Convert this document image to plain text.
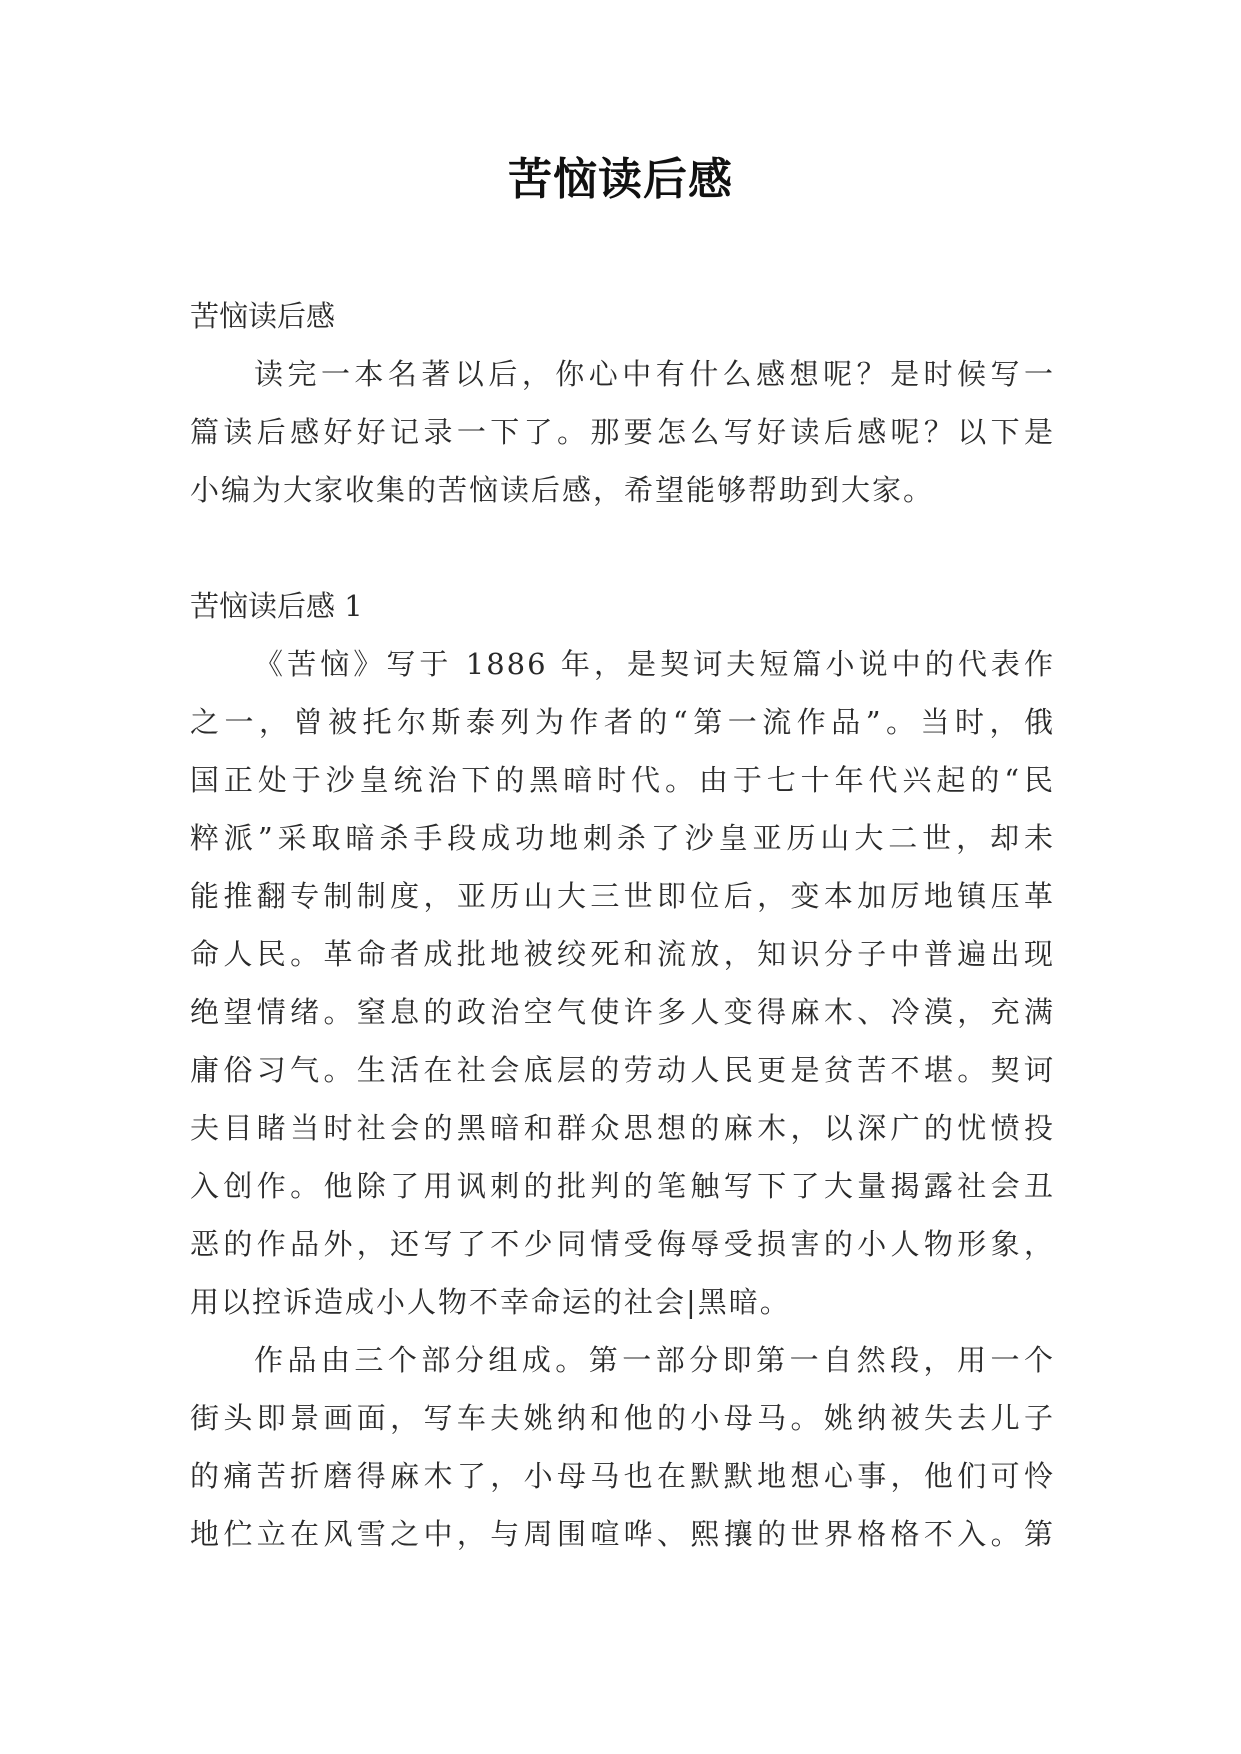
苦恼读后感
苦恼读后感
读完一本名著以后，你心中有什么感想呢？是时候写一
篇读后感好好记录一下了。那要怎么写好读后感呢？以下是
小编为大家收集的苦恼读后感，希望能够帮助到大家。
苦恼读后感 1
《苦恼》写于 1886 年，是契诃夫短篇小说中的代表作
之一，曾被托尔斯泰列为作者的“第一流作品”。当时，俄
国正处于沙皇统治下的黑暗时代。由于七十年代兴起的“民
粹派”采取暗杀手段成功地刺杀了沙皇亚历山大二世，却未
能推翻专制制度，亚历山大三世即位后，变本加厉地镇压革
命人民。革命者成批地被绞死和流放，知识分子中普遍出现
绝望情绪。窒息的政治空气使许多人变得麻木、冷漠，充满
庸俗习气。生活在社会底层的劳动人民更是贫苦不堪。契诃
夫目睹当时社会的黑暗和群众思想的麻木，以深广的忧愤投
入创作。他除了用讽刺的批判的笔触写下了大量揭露社会丑
恶的作品外，还写了不少同情受侮辱受损害的小人物形象，
用以控诉造成小人物不幸命运的社会|黑暗。
作品由三个部分组成。第一部分即第一自然段，用一个
街头即景画面，写车夫姚纳和他的小母马。姚纳被失去儿子
的痛苦折磨得麻木了，小母马也在默默地想心事，他们可怜
地伫立在风雪之中，与周围喧哗、熙攘的世界格格不入。第
